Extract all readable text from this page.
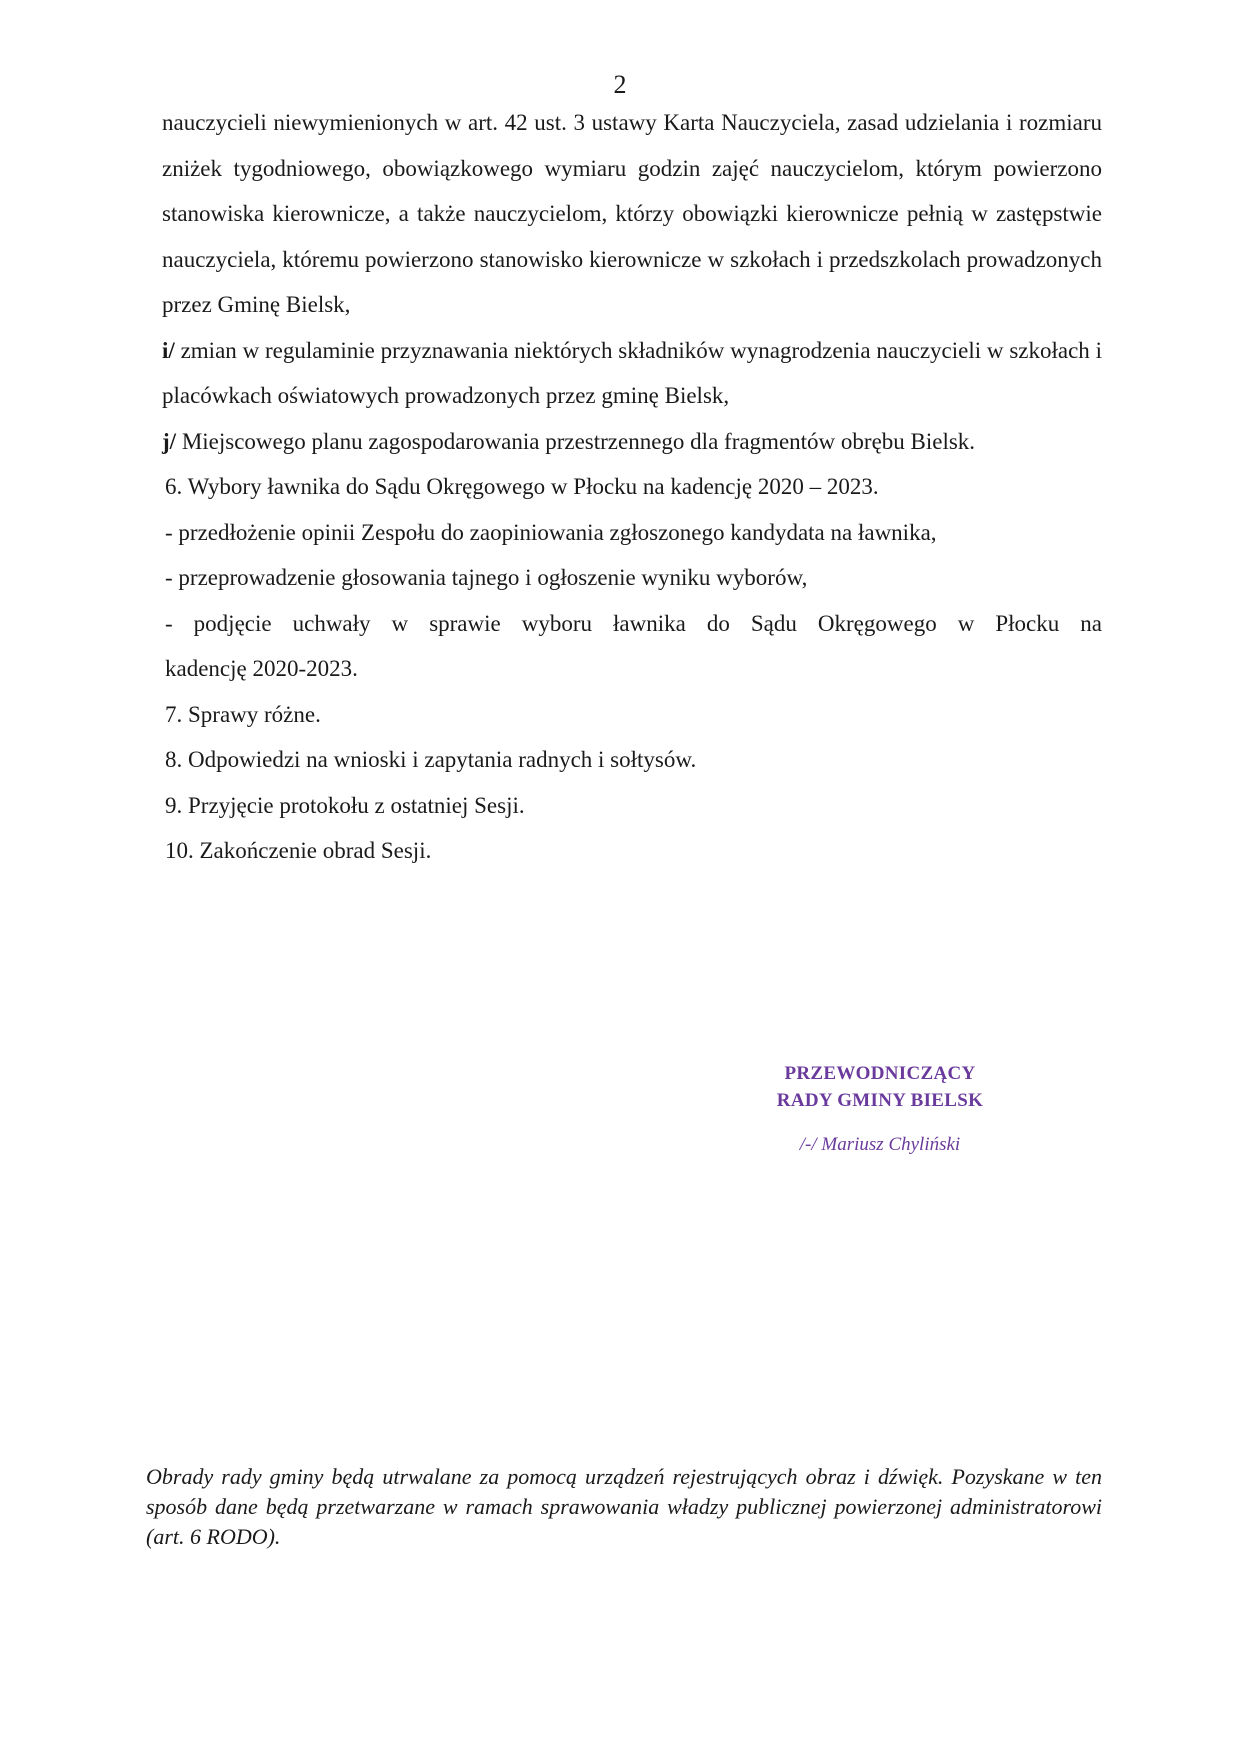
2

nauczycieli niewymienionych w art. 42 ust. 3 ustawy Karta Nauczyciela, zasad udzielania i rozmiaru zniżek tygodniowego, obowiązkowego wymiaru godzin zajęć nauczycielom, którym powierzono stanowiska kierownicze, a także nauczycielom, którzy obowiązki kierownicze pełnią w zastępstwie nauczyciela, któremu powierzono stanowisko kierownicze w szkołach i przedszkolach prowadzonych przez Gminę Bielsk,

i/ zmian w regulaminie przyznawania niektórych składników wynagrodzenia nauczycieli w szkołach i placówkach oświatowych prowadzonych przez gminę Bielsk,

j/ Miejscowego planu zagospodarowania przestrzennego dla fragmentów obrębu Bielsk.

6. Wybory ławnika do Sądu Okręgowego w Płocku na kadencję 2020 – 2023.

- przedłożenie opinii Zespołu do zaopiniowania zgłoszonego kandydata na ławnika,

- przeprowadzenie głosowania tajnego i ogłoszenie wyniku wyborów,

- podjęcie uchwały w sprawie wyboru ławnika do Sądu Okręgowego w Płocku na

kadencję 2020-2023.

7. Sprawy różne.

8. Odpowiedzi na wnioski i zapytania radnych i sołtysów.

9. Przyjęcie protokołu z ostatniej Sesji.

10. Zakończenie obrad Sesji.

PRZEWODNICZĄCY
RADY GMINY BIELSK
/-/ Mariusz Chyliński
Obrady rady gminy będą utrwalane za pomocą urządzeń rejestrujących obraz i dźwięk. Pozyskane w ten sposób dane będą przetwarzane w ramach sprawowania władzy publicznej powierzonej administratorowi (art. 6 RODO).
